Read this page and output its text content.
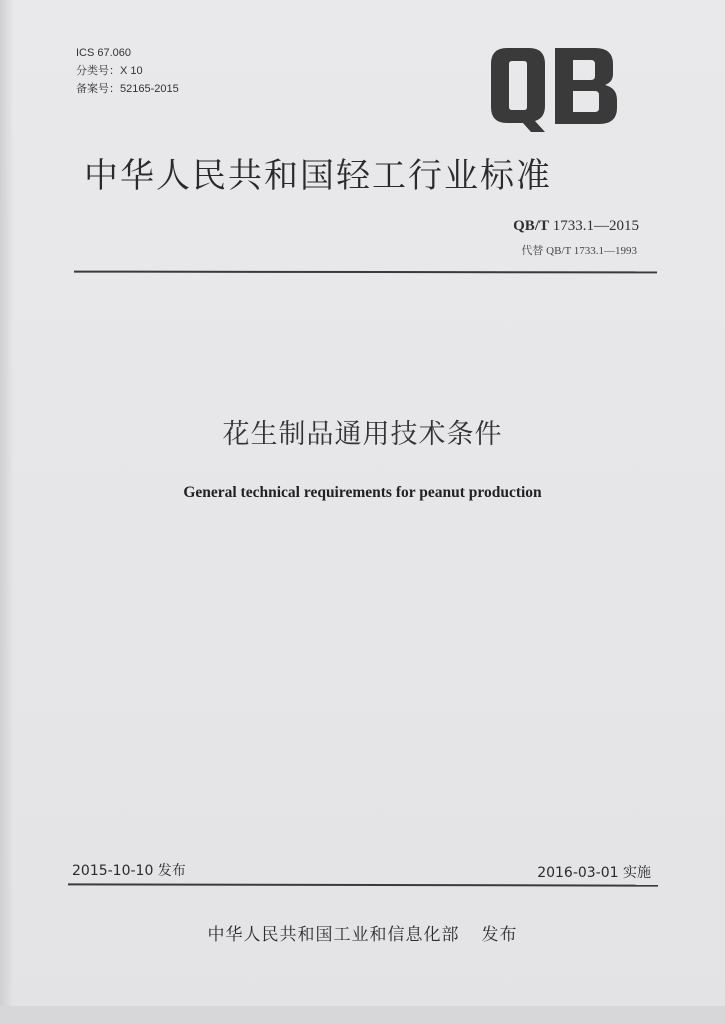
ICS 67.060
分类号：X 10
备案号：52165-2015
中华人民共和国轻工行业标准
QB/T 1733.1—2015
代替 QB/T 1733.1—1993
花生制品通用技术条件
General technical requirements for peanut production
2015-10-10 发布	2016-03-01 实施
中华人民共和国工业和信息化部 发布
